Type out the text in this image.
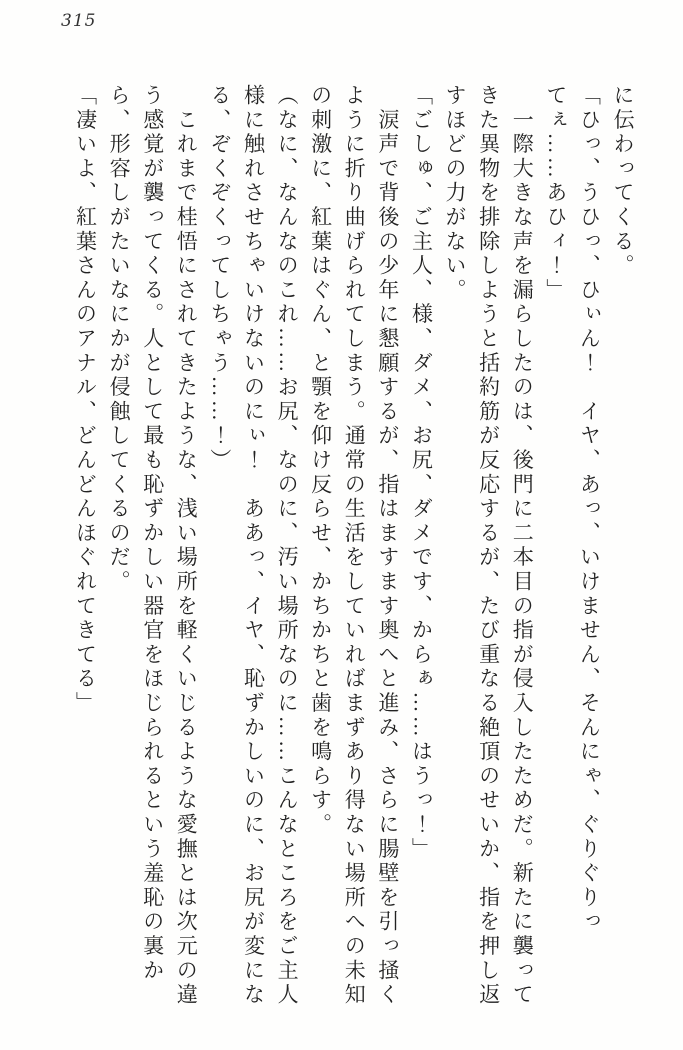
315

に伝わってくる。

「ひっ、うひっ、ひぃん！　イヤ、あっ、いけません、そんにゃ、ぐりぐりってぇ……あひィ！」

　一際大きな声を漏らしたのは、後門に二本目の指が侵入したためだ。新たに襲ってきた異物を排除しようと括約筋が反応するが、たび重なる絶頂のせいか、指を押し返すほどの力がない。

「ごしゅ、ご主人、様、ダメ、お尻、ダメです、からぁ……はうっ！」

　涙声で背後の少年に懇願するが、指はますます奥へと進み、さらに腸壁を引っ掻くように折り曲げられてしまう。通常の生活をしていればまずあり得ない場所への未知の刺激に、紅葉はぐん、と顎を仰け反らせ、かちかちと歯を鳴らす。

（なに、なんなのこれ……お尻、なのに、汚い場所なのに……こんなところをご主人様に触れさせちゃいけないのにぃ！　ああっ、イヤ、恥ずかしいのに、お尻が変になる、ぞくぞくってしちゃう……！）

　これまで桂悟にされてきたような、浅い場所を軽くいじるような愛撫とは次元の違う感覚が襲ってくる。人として最も恥ずかしい器官をほじられるという羞恥の裏から、形容しがたいなにかが侵蝕してくるのだ。

「凄いよ、紅葉さんのアナル、どんどんほぐれてきてる」
